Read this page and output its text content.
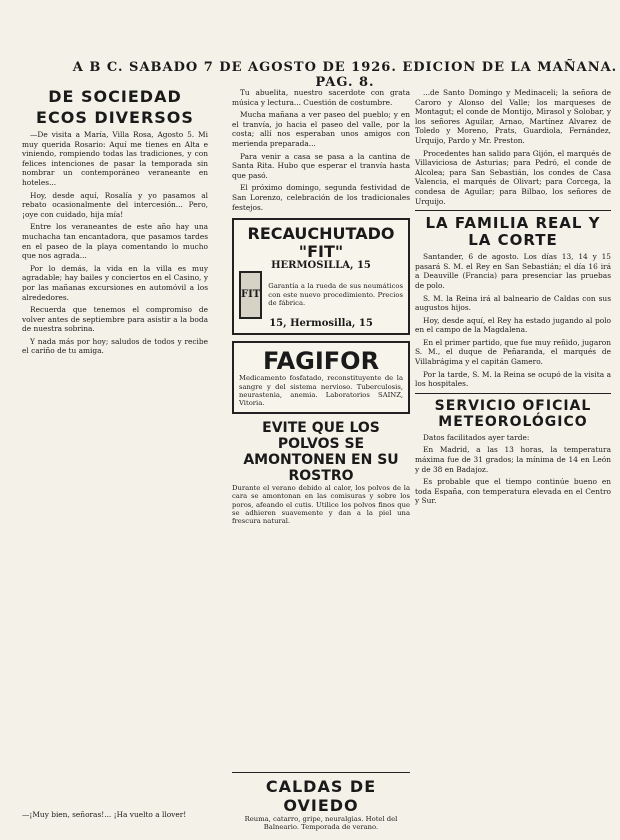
A B C. SABADO 7 DE AGOSTO DE 1926. EDICION DE LA MAÑANA. PAG. 8.
DE SOCIEDAD
ECOS DIVERSOS

—De visita a María, Villa Rosa, Agosto 5. Mi muy querida Rosario: Aquí me tienes en Alta e viniendo, rompiendo todas las tradiciones, y con felices intenciones de pasar la temporada sin nombrar un contemporáneo veraneante en hoteles...

Hoy, desde aquí, Rosalía y yo pasamos al rebato ocasionalmente del intercesión... Pero, ¡oye con cuidado, hija mía!

Entre los veraneantes de este año hay una muchacha tan encantadora, que pasamos tardes en el paseo de la playa comentando lo mucho que nos agrada...

Por lo demás, la vida en la villa es muy agradable; hay bailes y conciertos en el Casino, y por las mañanas excursiones en automóvil a los alrededores.

Recuerda que tenemos el compromiso de volver antes de septiembre para asistir a la boda de nuestra sobrina.

Y nada más por hoy; saludos de todos y recibe el cariño de tu amiga.

—¡Muy bien, señoras!... ¡Ha vuelto a llover!

Tu abuelita, nuestro sacerdote con grata música y lectura... Cuestión de costumbre.

Mucha mañana a ver paseo del pueblo; y en el tranvía, jo hacia el paseo del valle, por la costa; allí nos esperaban unos amigos con merienda preparada...

Para venir a casa se pasa a la cantina de Santa Rita. Hubo que esperar el tranvía hasta que pasó.

El próximo domingo, segunda festividad de San Lorenzo, celebración de los tradicionales festejos.

RECAUCHUTADO "FIT"
HERMOSILLA, 15
FIT
Garantía a la rueda de sus neumáticos con este nuevo procedimiento. Precios de fábrica.
15, Hermosilla, 15
FAGIFOR
Medicamento fosfatado, reconstituyente de la sangre y del sistema nervioso. Tuberculosis, neurastenia, anemia. Laboratorios SAINZ, Vitoria.
EVITE QUE LOS POLVOS SE AMONTONEN EN SU ROSTRO
Durante el verano debido al calor, los polvos de la cara se amontonan en las comisuras y sobre los poros, afeando el cutis. Utilice los polvos finos que se adhieren suavemente y dan a la piel una frescura natural.
CALDAS DE OVIEDO
Reuma, catarro, gripe, neuralgias. Hotel del Balneario. Temporada de verano.

...de Santo Domingo y Medinaceli; la señora de Caroro y Alonso del Valle; los marqueses de Montagut; el conde de Montijo, Mirasol y Solobar, y los señores Aguilar, Arnao, Martínez Alvarez de Toledo y Moreno, Prats, Guardiola, Fernández, Urquijo, Pardo y Mr. Preston.

Procedentes han salido para Gijón, el marqués de Villaviciosa de Asturias; para Pedró, el conde de Alcolea; para San Sebastián, los condes de Casa Valencia, el marqués de Olivart; para Corcega, la condesa de Aguilar; para Bilbao, los señores de Urquijo.

LA FAMILIA REAL Y LA CORTE

Santander, 6 de agosto. Los días 13, 14 y 15 pasará S. M. el Rey en San Sebastián; el día 16 irá a Deauville (Francia) para presenciar las pruebas de polo.

S. M. la Reina irá al balneario de Caldas con sus augustos hijos.

Hoy, desde aquí, el Rey ha estado jugando al polo en el campo de la Magdalena.

En el primer partido, que fue muy reñido, jugaron S. M., el duque de Peñaranda, el marqués de Villabrágima y el capitán Gamero.

Por la tarde, S. M. la Reina se ocupó de la visita a los hospitales.

SERVICIO OFICIAL METEOROLÓGICO

Datos facilitados ayer tarde:

En Madrid, a las 13 horas, la temperatura máxima fue de 31 grados; la mínima de 14 en León y de 38 en Badajoz.

Es probable que el tiempo continúe bueno en toda España, con temperatura elevada en el Centro y Sur.
